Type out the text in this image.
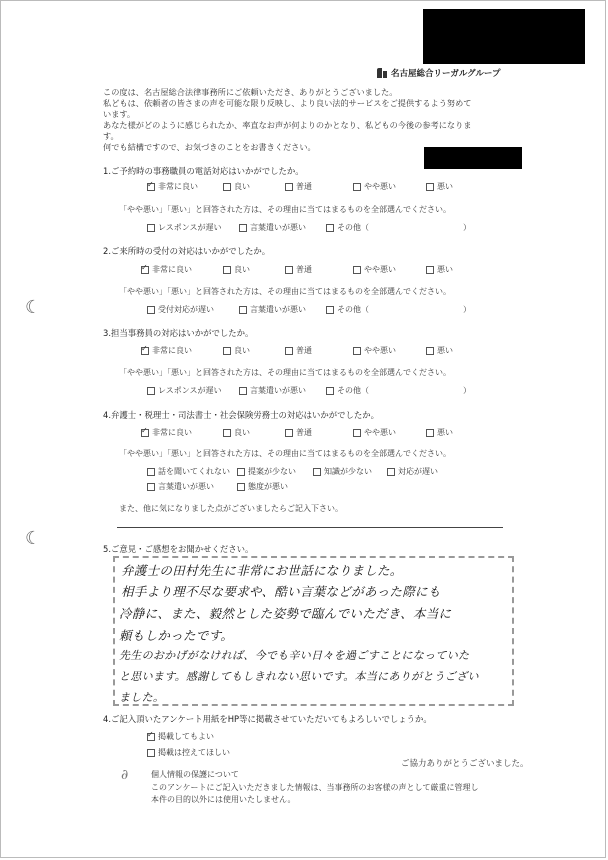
名古屋総合リーガルグループ
この度は、名古屋総合法律事務所にご依頼いただき、ありがとうございました。
私どもは、依頼者の皆さまの声を可能な限り反映し、より良い法的サービスをご提供するよう努めて
います。
あなた様がどのように感じられたか、率直なお声が何よりのかとなり、私どもの今後の参考になりま
す。
何でも結構ですので、お気づきのことをお書きください。
1.ご予約時の事務職員の電話対応はいかがでしたか。
✓
非常に良い	良い	普通	やや悪い	悪い
「やや悪い」「悪い」と回答された方は、その理由に当てはまるものを全部選んでください。
レスポンスが遅い	言葉遣いが悪い	その他（	）
2.ご来所時の受付の対応はいかがでしたか。
✓
非常に良い	良い	普通	やや悪い	悪い
「やや悪い」「悪い」と回答された方は、その理由に当てはまるものを全部選んでください。
受付対応が遅い	言葉遣いが悪い	その他（	）
3.担当事務員の対応はいかがでしたか。
✓
非常に良い	良い	普通	やや悪い	悪い
「やや悪い」「悪い」と回答された方は、その理由に当てはまるものを全部選んでください。
レスポンスが遅い	言葉遣いが悪い	その他（	）
4.弁護士・税理士・司法書士・社会保険労務士の対応はいかがでしたか。
✓
非常に良い	良い	普通	やや悪い	悪い
「やや悪い」「悪い」と回答された方は、その理由に当てはまるものを全部選んでください。
話を聞いてくれない 提案が少ない	知識が少ない	対応が遅い
言葉遣いが悪い	態度が悪い
また、他に気になりました点がございましたらご記入下さい。
5.ご意見・ご感想をお聞かせください。
弁護士の田村先生に非常にお世話になりました。
相手より理不尽な要求や、酷い言葉などがあった際にも
冷静に、また、毅然とした姿勢で臨んでいただき、本当に
頼もしかったです。
先生のおかげがなければ、今でも辛い日々を過ごすことになっていた
と思います。感謝してもしきれない思いです。本当にありがとうござい
ました。
4.ご記入頂いたアンケート用紙をHP等に掲載させていただいてもよろしいでしょうか。
✓
掲載してもよい
掲載は控えてほしい
ご協力ありがとうございました。
∂	個人情報の保護について
このアンケートにご記入いただきました情報は、当事務所のお客様の声として厳重に管理し
本件の目的以外には使用いたしません。
☾
☾
